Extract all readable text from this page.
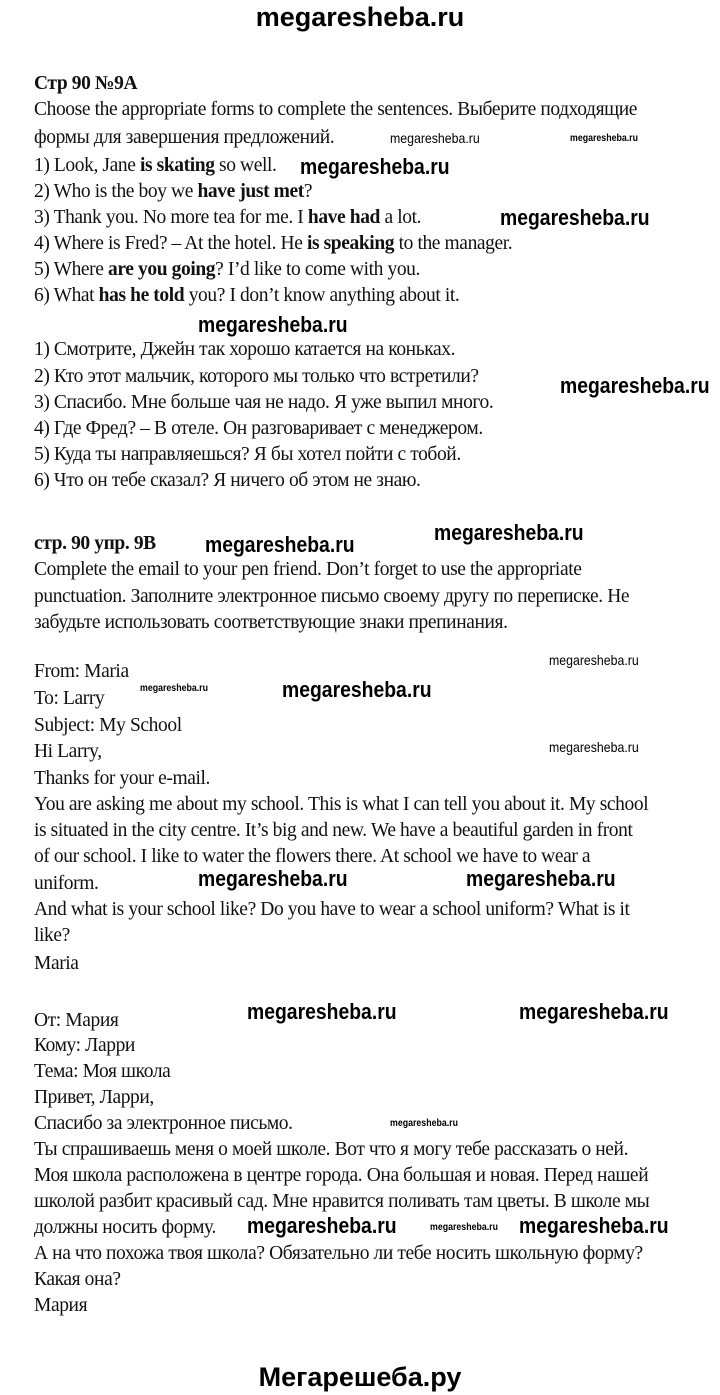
megaresheba.ru
Стр 90 №9А
Choose the appropriate forms to complete the sentences. Выберите подходящие
формы для завершения предложений.
1) Look, Jane is skating so well.
2) Who is the boy we have just met?
3) Thank you. No more tea for me. I have had a lot.
4) Where is Fred? – At the hotel. He is speaking to the manager.
5) Where are you going? I’d like to come with you.
6) What has he told you? I don’t know anything about it.
1) Смотрите, Джейн так хорошо катается на коньках.
2) Кто этот мальчик, которого мы только что встретили?
3) Спасибо. Мне больше чая не надо. Я уже выпил много.
4) Где Фред? – В отеле. Он разговаривает с менеджером.
5) Куда ты направляешься? Я бы хотел пойти с тобой.
6) Что он тебе сказал? Я ничего об этом не знаю.
стр. 90 упр. 9В
Complete the email to your pen friend. Don’t forget to use the appropriate
punctuation. Заполните электронное письмо своему другу по переписке. Не
забудьте использовать соответствующие знаки препинания.
From: Maria
To: Larry
Subject: My School
Hi Larry,
Thanks for your e-mail.
You are asking me about my school. This is what I can tell you about it. My school
is situated in the city centre. It’s big and new. We have a beautiful garden in front
of our school. I like to water the flowers there. At school we have to wear a
uniform.
And what is your school like? Do you have to wear a school uniform? What is it
like?
Maria
От: Мария
Кому: Ларри
Тема: Моя школа
Привет, Ларри,
Спасибо за электронное письмо.
Ты спрашиваешь меня о моей школе. Вот что я могу тебе рассказать о ней.
Моя школа расположена в центре города. Она большая и новая. Перед нашей
школой разбит красивый сад. Мне нравится поливать там цветы. В школе мы
должны носить форму.
А на что похожа твоя школа? Обязательно ли тебе носить школьную форму?
Какая она?
Мария
megaresheba.ru	megaresheba.ru
megaresheba.ru
megaresheba.ru
megaresheba.ru
megaresheba.ru
megaresheba.ru
megaresheba.ru
megaresheba.ru
megaresheba.ru	megaresheba.ru
megaresheba.ru
megaresheba.ru	megaresheba.ru
megaresheba.ru	megaresheba.ru
megaresheba.ru
megaresheba.ru
megaresheba.ru	megaresheba.ru
Мегарешеба.ру
